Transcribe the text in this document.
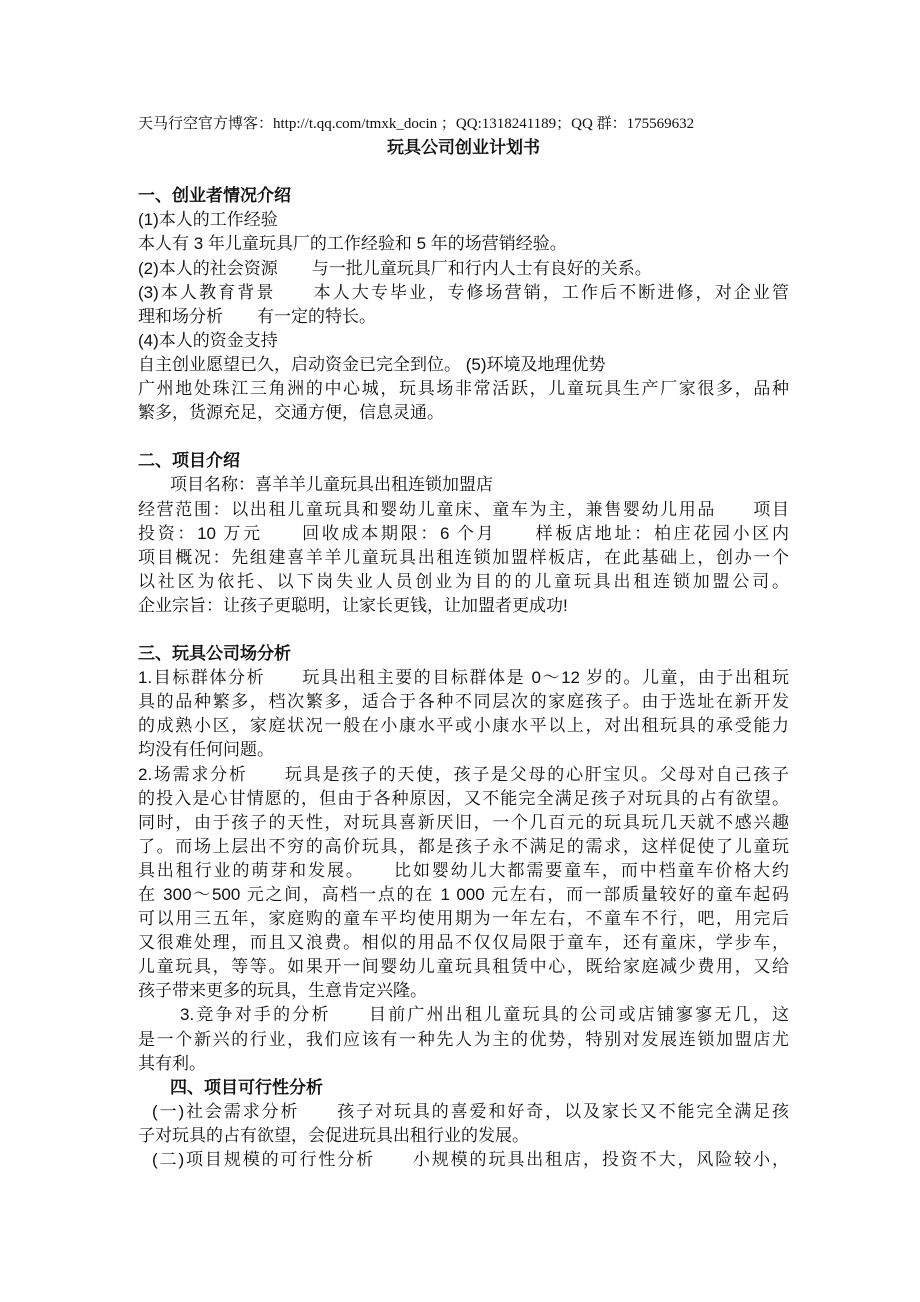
天马行空官方博客：http://t.qq.com/tmxk_docin ；QQ:1318241189；QQ 群：175569632
玩具公司创业计划书
一、创业者情况介绍
(1)本人的工作经验
本人有 3 年儿童玩具厂的工作经验和 5 年的场营销经验。
(2)本人的社会资源　　与一批儿童玩具厂和行内人士有良好的关系。
(3)本人教育背景　　本人大专毕业，专修场营销，工作后不断进修，对企业管
理和场分析　　有一定的特长。
(4)本人的资金支持
自主创业愿望已久，启动资金已完全到位。 (5)环境及地理优势
广州地处珠江三角洲的中心城，玩具场非常活跃，儿童玩具生产厂家很多，品种
繁多，货源充足，交通方便，信息灵通。
二、项目介绍
项目名称：喜羊羊儿童玩具出租连锁加盟店
经营范围：以出租儿童玩具和婴幼儿童床、童车为主，兼售婴幼儿用品　　项目
投资：10 万元　　回收成本期限：6 个月　　样板店地址：柏庄花园小区内
项目概况：先组建喜羊羊儿童玩具出租连锁加盟样板店，在此基础上，创办一个
以社区为依托、以下岗失业人员创业为目的的儿童玩具出租连锁加盟公司。
企业宗旨：让孩子更聪明，让家长更钱，让加盟者更成功!
三、玩具公司场分析
1.目标群体分析　　玩具出租主要的目标群体是 0～12 岁的。儿童，由于出租玩
具的品种繁多，档次繁多，适合于各种不同层次的家庭孩子。由于选址在新开发
的成熟小区，家庭状况一般在小康水平或小康水平以上，对出租玩具的承受能力
均没有任何问题。
2.场需求分析　　玩具是孩子的天使，孩子是父母的心肝宝贝。父母对自己孩子
的投入是心甘情愿的，但由于各种原因，又不能完全满足孩子对玩具的占有欲望。
同时，由于孩子的天性，对玩具喜新厌旧，一个几百元的玩具玩几天就不感兴趣
了。而场上层出不穷的高价玩具，都是孩子永不满足的需求，这样促使了儿童玩
具出租行业的萌芽和发展。　　比如婴幼儿大都需要童车，而中档童车价格大约
在 300～500 元之间，高档一点的在 1 000 元左右，而一部质量较好的童车起码
可以用三五年，家庭购的童车平均使用期为一年左右，不童车不行，吧，用完后
又很难处理，而且又浪费。相似的用品不仅仅局限于童车，还有童床，学步车，
儿童玩具，等等。如果开一间婴幼儿童玩具租赁中心，既给家庭减少费用，又给
孩子带来更多的玩具，生意肯定兴隆。
3.竞争对手的分析　　目前广州出租儿童玩具的公司或店铺寥寥无几，这
是一个新兴的行业，我们应该有一种先人为主的优势，特别对发展连锁加盟店尤
其有利。
四、项目可行性分析
(一)社会需求分析　　孩子对玩具的喜爱和好奇，以及家长又不能完全满足孩
子对玩具的占有欲望，会促进玩具出租行业的发展。
(二)项目规模的可行性分析　　小规模的玩具出租店，投资不大，风险较小，
